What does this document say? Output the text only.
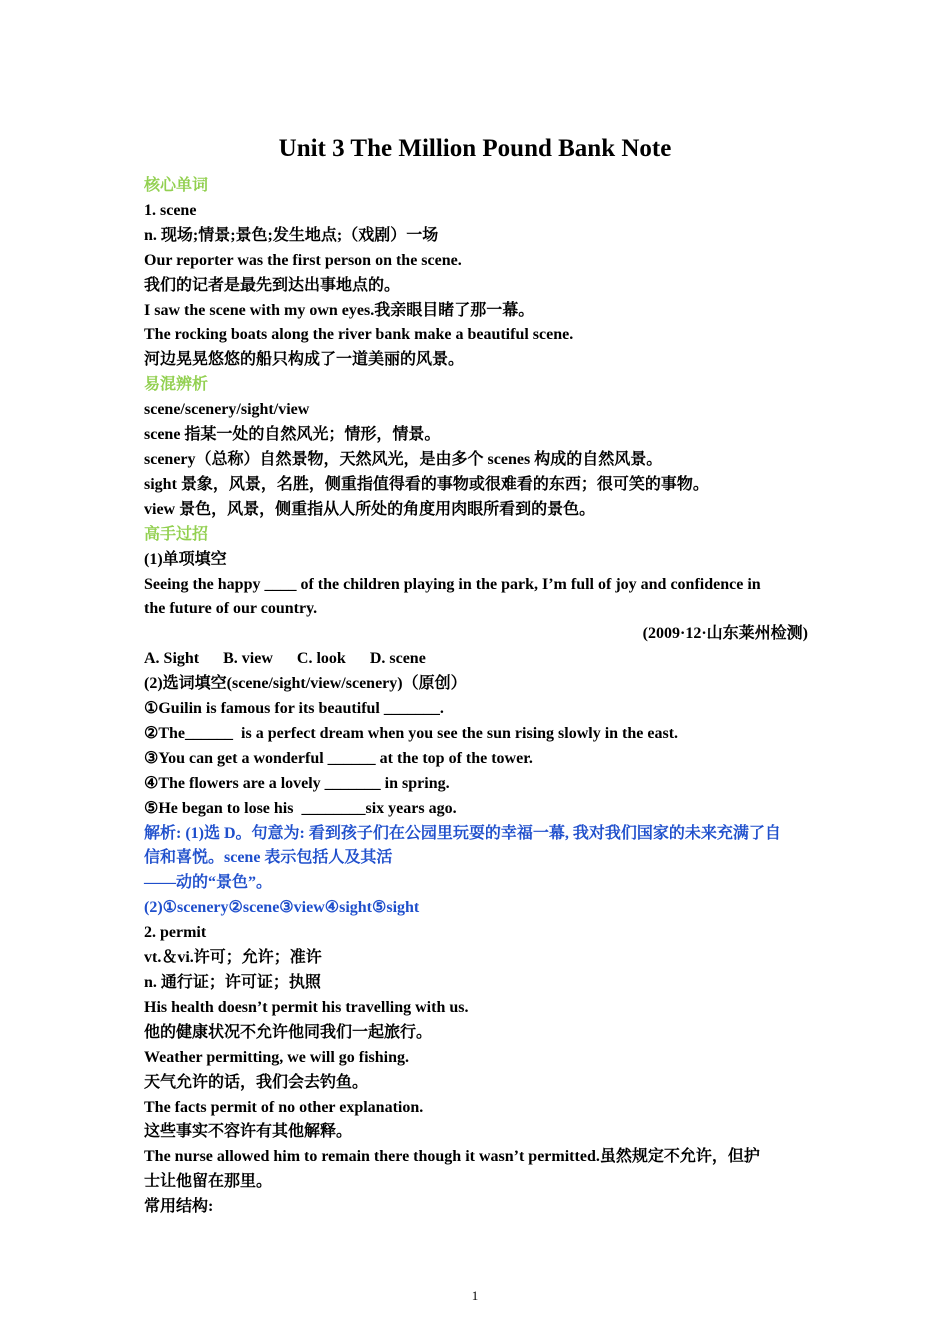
Unit 3 The Million Pound Bank Note
核心单词
1. scene
n. 现场;情景;景色;发生地点;（戏剧）一场
Our reporter was the first person on the scene.
我们的记者是最先到达出事地点的。
I saw the scene with my own eyes.我亲眼目睹了那一幕。
The rocking boats along the river bank make a beautiful scene.
河边晃晃悠悠的船只构成了一道美丽的风景。
易混辨析
scene/scenery/sight/view
scene 指某一处的自然风光；情形，情景。
scenery（总称）自然景物，天然风光，是由多个 scenes 构成的自然风景。
sight 景象，风景，名胜，侧重指值得看的事物或很难看的东西；很可笑的事物。
view 景色，风景，侧重指从人所处的角度用肉眼所看到的景色。
高手过招
(1)单项填空
Seeing the happy ____ of the children playing in the park, I’m full of joy and confidence in
the future of our country.
(2009·12·山东莱州检测)
A. Sight B. view C. look D. scene
(2)选词填空(scene/sight/view/scenery)（原创）
①Guilin is famous for its beautiful _______.
②The______  is a perfect dream when you see the sun rising slowly in the east.
③You can get a wonderful ______ at the top of the tower.
④The flowers are a lovely _______ in spring.
⑤He began to lose his  ________six years ago.
解析: (1)选 D。句意为: 看到孩子们在公园里玩耍的幸福一幕, 我对我们国家的未来充满了自
信和喜悦。scene 表示包括人及其活
——动的“景色”。
(2)①scenery②scene③view④sight⑤sight
2. permit
vt.＆vi.许可；允许；准许
n. 通行证；许可证；执照
His health doesn’t permit his travelling with us.
他的健康状况不允许他同我们一起旅行。
Weather permitting, we will go fishing.
天气允许的话，我们会去钓鱼。
The facts permit of no other explanation.
这些事实不容许有其他解释。
The nurse allowed him to remain there though it wasn’t permitted.虽然规定不允许，但护
士让他留在那里。
常用结构:
1
